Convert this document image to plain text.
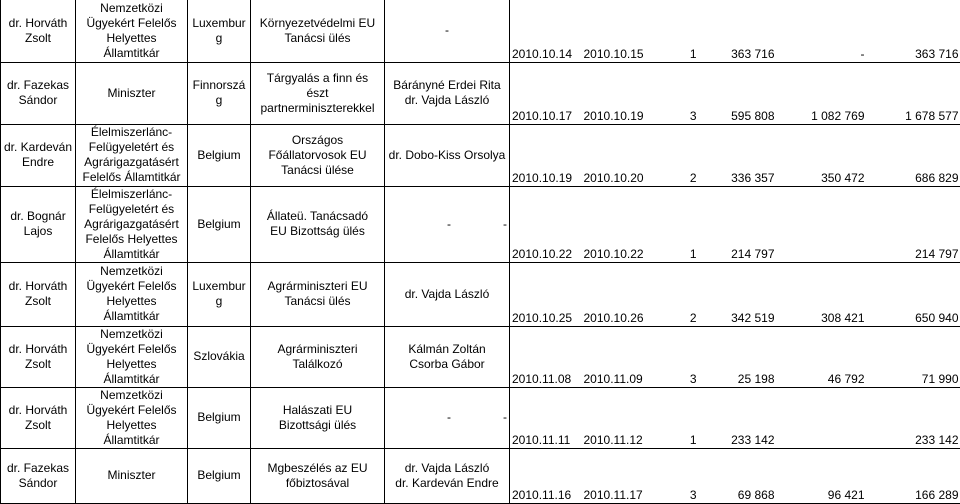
dr. Horváth
Zsolt	Nemzetközi
Ügyekért Felelős
Helyettes
Államtitkár	Luxembur
g	Környezetvédelmi EU
Tanácsi ülés	-	2010.10.14	2010.10.15	1	363 716	-	363 716

dr. Fazekas
Sándor	Miniszter	Finnorszá
g	Tárgyalás a finn és
észt
partnerminiszterekkel	Bárányné Erdei Rita
dr. Vajda László	2010.10.17	2010.10.19	3	595 808	1 082 769	1 678 577

dr. Kardeván
Endre	Élelmiszerlánc-
Felügyeletért és
Agrárigazgatásért
Felelős Államtitkár	Belgium	Országos
Főállatorvosok EU
Tanácsi ülése	dr. Dobo-Kiss Orsolya	2010.10.19	2010.10.20	2	336 357	350 472	686 829

dr. Bognár
Lajos	Élelmiszerlánc-
Felügyeletért és
Agrárigazgatásért
Felelős Helyettes
Államtitkár	Belgium	Állateü. Tanácsadó
EU Bizottság ülés	- -	2010.10.22	2010.10.22	1	214 797		214 797

dr. Horváth
Zsolt	Nemzetközi
Ügyekért Felelős
Helyettes
Államtitkár	Luxembur
g	Agrárminiszteri EU
Tanácsi ülés	dr. Vajda László	2010.10.25	2010.10.26	2	342 519	308 421	650 940

dr. Horváth
Zsolt	Nemzetközi
Ügyekért Felelős
Helyettes
Államtitkár	Szlovákia	Agrárminiszteri
Találkozó	Kálmán Zoltán
Csorba Gábor	2010.11.08	2010.11.09	3	25 198	46 792	71 990

dr. Horváth
Zsolt	Nemzetközi
Ügyekért Felelős
Helyettes
Államtitkár	Belgium	Halászati EU
Bizottsági ülés	- -	2010.11.11	2010.11.12	1	233 142		233 142

dr. Fazekas
Sándor	Miniszter	Belgium	Mgbeszélés az EU
főbiztosával	dr. Vajda László
dr. Kardeván Endre	2010.11.16	2010.11.17	3	69 868	96 421	166 289
